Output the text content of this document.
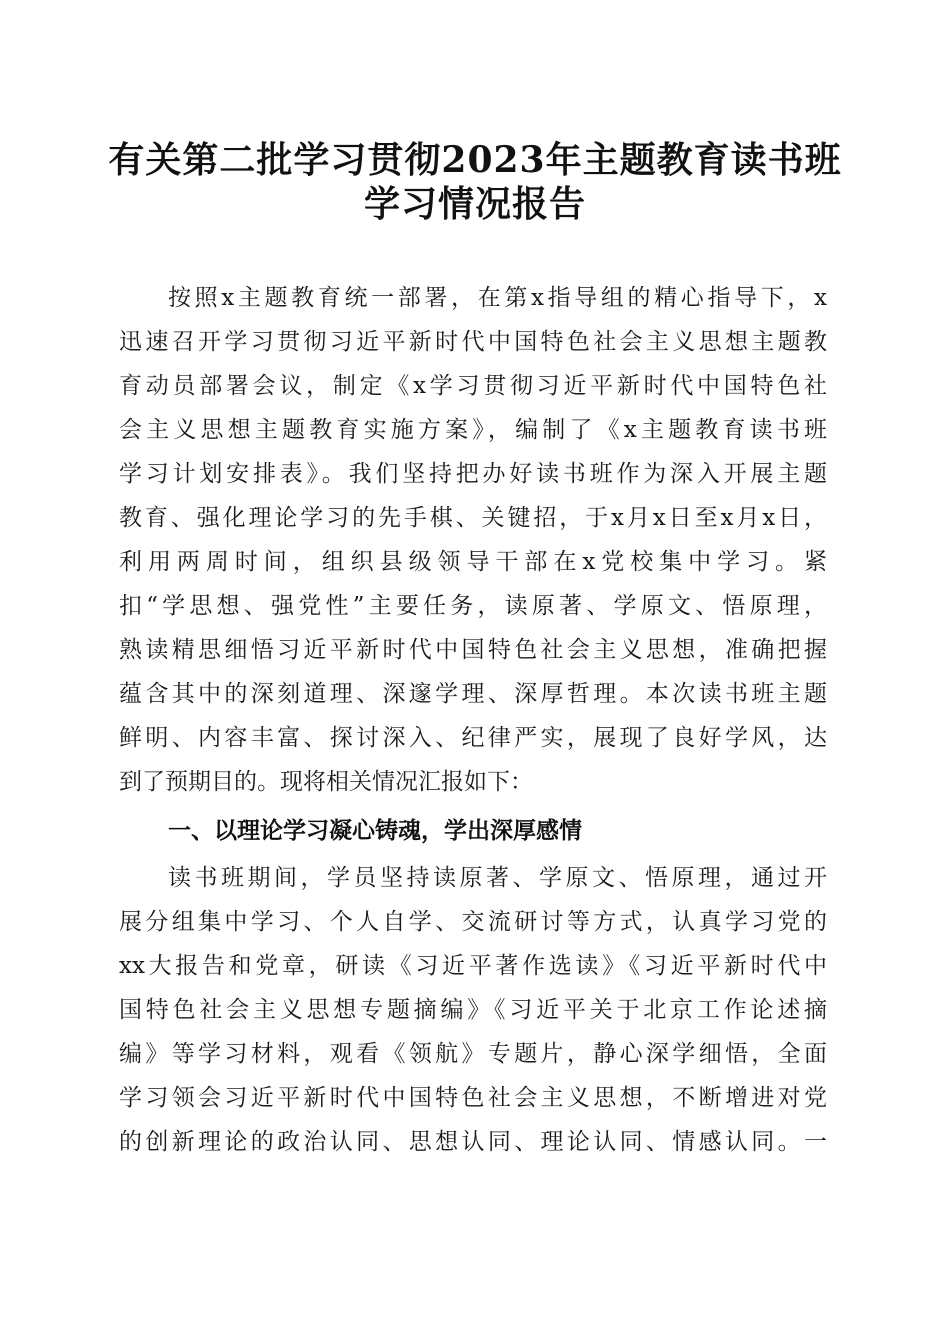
有关第二批学习贯彻2023年主题教育读书班
学习情况报告
按照x主题教育统一部署，在第x指导组的精心指导下，x
迅速召开学习贯彻习近平新时代中国特色社会主义思想主题教
育动员部署会议，制定《x学习贯彻习近平新时代中国特色社
会主义思想主题教育实施方案》，编制了《x主题教育读书班
学习计划安排表》。我们坚持把办好读书班作为深入开展主题
教育、强化理论学习的先手棋、关键招，于x月x日至x月x日，
利用两周时间，组织县级领导干部在x党校集中学习。紧
扣“学思想、强党性”主要任务，读原著、学原文、悟原理，
熟读精思细悟习近平新时代中国特色社会主义思想，准确把握
蕴含其中的深刻道理、深邃学理、深厚哲理。本次读书班主题
鲜明、内容丰富、探讨深入、纪律严实，展现了良好学风，达
到了预期目的。现将相关情况汇报如下：
一、以理论学习凝心铸魂，学出深厚感情
读书班期间，学员坚持读原著、学原文、悟原理，通过开
展分组集中学习、个人自学、交流研讨等方式，认真学习党的
xx大报告和党章，研读《习近平著作选读》《习近平新时代中
国特色社会主义思想专题摘编》《习近平关于北京工作论述摘
编》等学习材料，观看《领航》专题片，静心深学细悟，全面
学习领会习近平新时代中国特色社会主义思想，不断增进对党
的创新理论的政治认同、思想认同、理论认同、情感认同。一
